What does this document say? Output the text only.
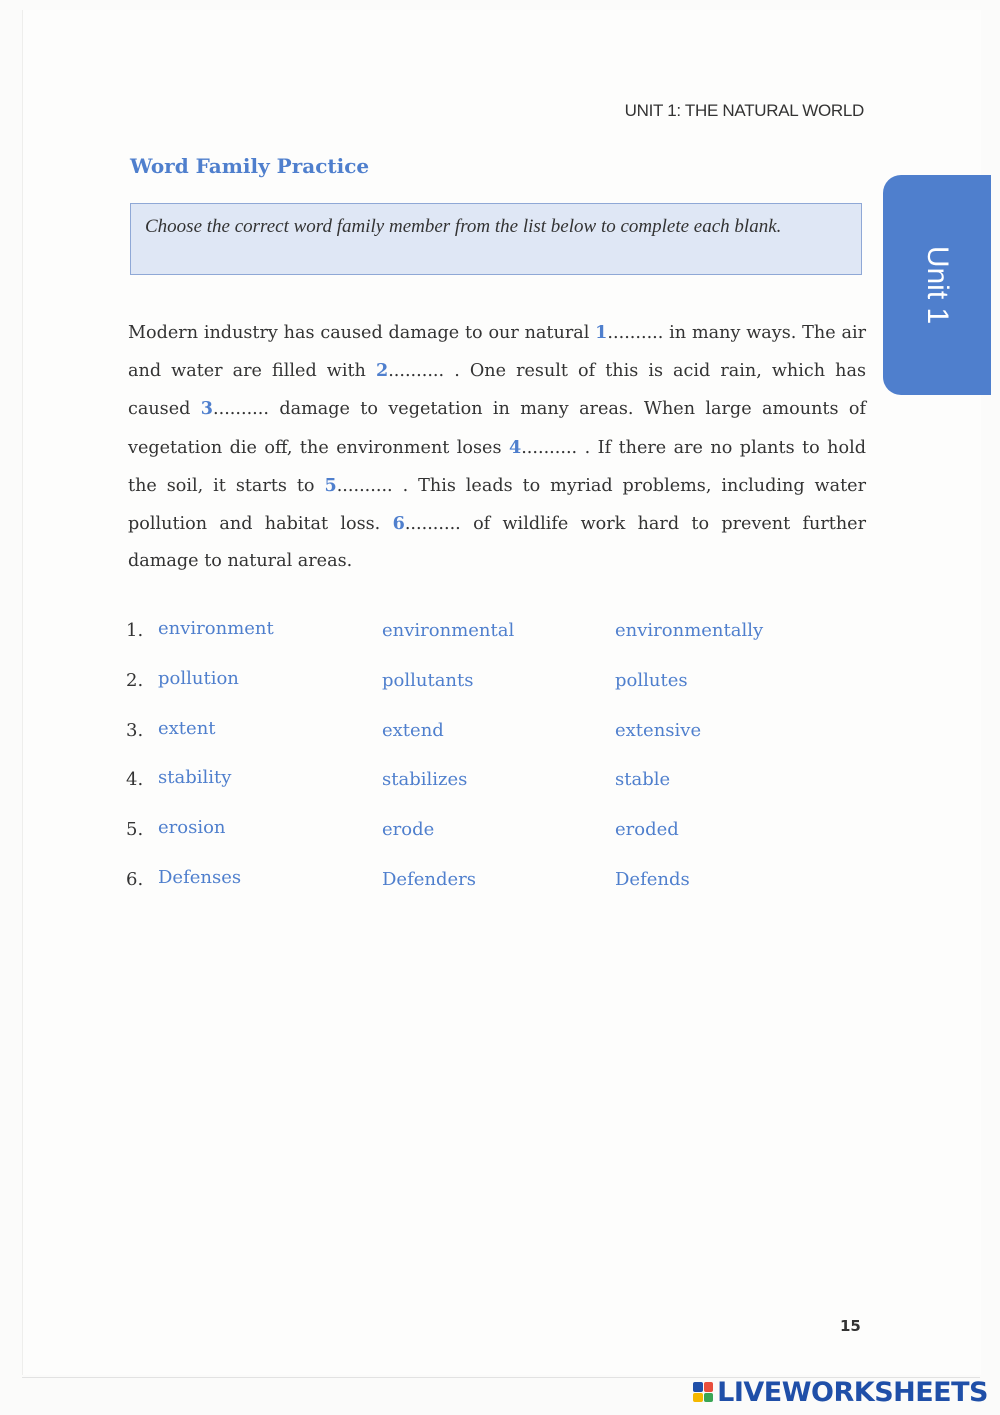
UNIT 1: THE NATURAL WORLD
Unit 1
Word Family Practice

Choose the correct word family member from the list below to complete each blank.

Modern industry has caused damage to our natural 1.......... in many ways. The air and water are filled with 2.......... . One result of this is acid rain, which has caused 3.......... damage to vegetation in many areas. When large amounts of vegetation die off, the environment loses 4.......... . If there are no plants to hold the soil, it starts to 5.......... . This leads to myriad problems, including water pollution and habitat loss. 6.......... of wildlife work hard to prevent further damage to natural areas.

1. environment	environmental	environmentally
2. pollution	pollutants	pollutes
3. extent	extend	extensive
4. stability	stabilizes	stable
5. erosion	erode	eroded
6. Defenses	Defenders	Defends
15
LIVEWORKSHEETS
